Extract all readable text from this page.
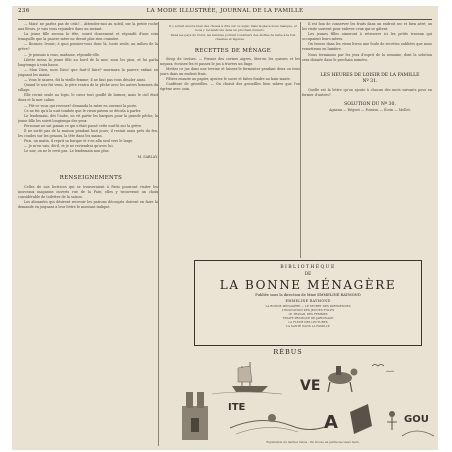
236	LA MODE ILLUSTRÉE, JOURNAL DE LA FAMILLE

— Mais! ne parlez pas de cela?... Attendez-moi au soleil, sur la petite roche aux fleurs, je vais vous rejoindre dans un instant.

La jeune fille secoua la tête, sourit doucement et répondit d'une voix tranquille que la pauvre mère ne devait plus rien craindre.

— Bonsoir, Ivonic; à quoi pensiez-vous donc là, toute seule, au milieu de la grève?

— Je pensais à vous, madame, répondit-elle.

Lilette mena la jeune fille au bord de la mer, sous les pins, et lui parla longtemps à voix basse.

— Mon Dieu, mon Dieu! que faut-il faire? murmura la pauvre enfant en joignant les mains.

— Vous le saurez, dit la vieille femme; il ne faut pas vous désoler ainsi.

Quand le soir fut venu, le père rentra de la pêche avec les autres hommes du village.

Elle revint seule au logis, le cœur tout gonflé de larmes; mais le ciel était doux et la mer calme.

— Fût-ce vous qui revenez? demanda la mère en ouvrant la porte.

Ce ne fut qu'à la nuit tombée que le vieux patron se décida à parler.

Le lendemain, dès l'aube, on vit partir les barques pour la grande pêche; la jeune fille les suivit longtemps des yeux.

Personne ne sut jamais ce qui s'était passé cette nuit-là sur la grève.

Il ne sortit pas de la maison pendant huit jours; il restait assis près du feu, les coudes sur les genoux, la tête dans les mains.

Puis, un matin, il reprit sa barque et s'en alla seul vers le large.

— Je m'en vais, dit-il, et je ne reviendrai qu'avec lui.

Le soir, on ne le revit pas. Le lendemain non plus.

M. SABLAY.

RENSEIGNEMENTS

Celles de nos lectrices qui se trouveraient à Paris pourront visiter les nouveaux magasins ouverts rue de la Paix; elles y trouveront un choix considérable de toilettes de la saison.

Les abonnées qui désirent recevoir les patrons découpés doivent en faire la demande en joignant à leur lettre le montant indiqué.

Il y aurait encore bien des choses à dire sur ce sujet; mais la place nous manque, et nous y reviendrons dans un prochain numéro.

Dans les pays du Nord, les femmes portent volontiers des étoffes de laine à la fois chaudes et légères.

RECETTES DE MÉNAGE

Sirop de cerises. — Prenez des cerises aigres, ôtez-en les queues et les noyaux, écrasez-les et passez le jus à travers un linge.

Mettez ce jus dans une terrine et laissez-le fermenter pendant deux ou trois jours dans un endroit frais.

Filtrez ensuite au papier, ajoutez le sucre et faites fondre au bain-marie.

Confiture de groseilles. — On choisit des groseilles bien mûres que l'on égrène avec soin.

Il est bon de conserver les fruits dans un endroit sec et bien aéré; on les visite souvent pour enlever ceux qui se gâtent.

Les jeunes filles aimeront à retrouver ici les petits travaux qui occupaient leurs mères.

On trouve dans les vieux livres une foule de recettes oubliées que nous remettrons en lumière.

Nous terminons par les jeux d'esprit de la semaine, dont la solution sera donnée dans le prochain numéro.

LES HEURES DE LOISIR DE LA FAMILLE

Nº 31.

Quelle est la lettre qu'on ajoute à chacun des mots suivants pour en former d'autres?

SOLUTION DU Nº 30.

Agneau — Régent — Poisson — Écrin — Mollet.

BIBLIOTHÈQUE
DE
LA BONNE MÉNAGÈRE
Publiée sous la direction de Mme EMMELINE RAYMOND
EMMELINE RAYMOND
LA BONNE MÉNAGÈRE — LE SECRET DES PARISIENNES
L'ÉDUCATION DES JEUNES FILLES
LE TRAVAIL DES FEMMES
TRAITÉ PRATIQUE DE JARDINAGE
LA FLEUR DES LECTURES
LA SANTÉ DANS LA FAMILLE
RÉBUS
VE
ITE
A	GOU
Explication du dernier rébus : On trouve en partie les vieux mots.
